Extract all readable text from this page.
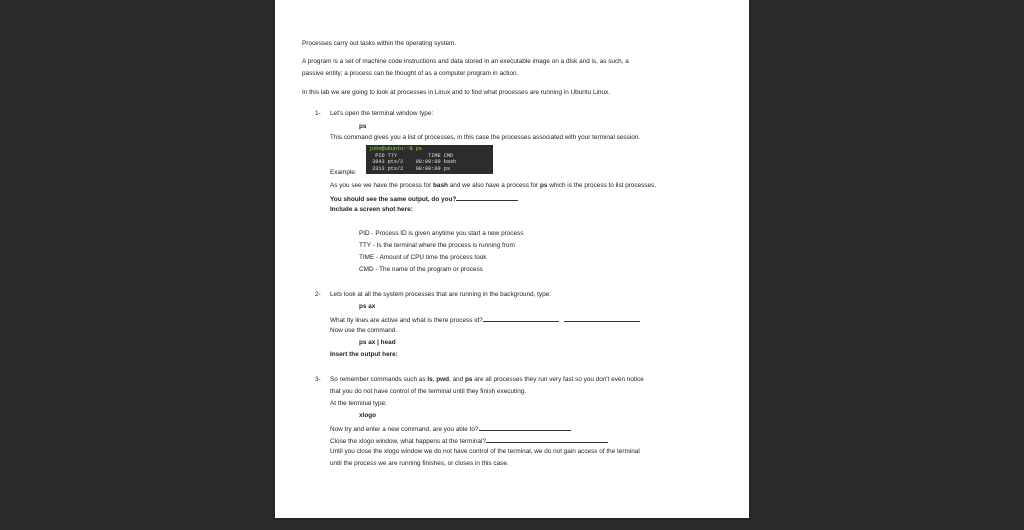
Processes carry out tasks within the operating system.
A program is a set of machine code instructions and data stored in an executable image on a disk and is, as such, a
passive entity; a process can be thought of as a computer program in action.
In this lab we are going to look at processes in Linux and to find what processes are running in Ubuntu Linux.
1- Let's open the terminal window type:
ps
This command gives you a list of processes, in this case the processes associated with your terminal session.
john@ubuntu:~$ ps
PID TTY          TIME CMD
3843 pts/2    00:00:00 bash
3313 pts/2    00:00:00 ps
Example:
As you see we have the process for bash and we also have a process for ps which is the process to list processes.
You should see the same output, do you?
Include a screen shot here:
PID - Process ID is given anytime you start a new process
TTY - Is the terminal where the process is running from
TIME - Amount of CPU time the process took
CMD - The name of the program or process
2- Lets look at all the system processes that are running in the background, type:
ps ax
What tty lines are active and what is there process id?
Now use the command.
ps ax | head
Insert the output here:
3- So remember commands such as ls, pwd, and ps are all processes they run very fast so you don't even notice
that you do not have control of the terminal until they finish executing.
At the terminal type:
xlogo
Now try and enter a new command, are you able to?
Close the xlogo window, what happens at the terminal?
Until you close the xlogo window we do not have control of the terminal, we do not gain access of the terminal
until the process we are running finishes, or closes in this case.
